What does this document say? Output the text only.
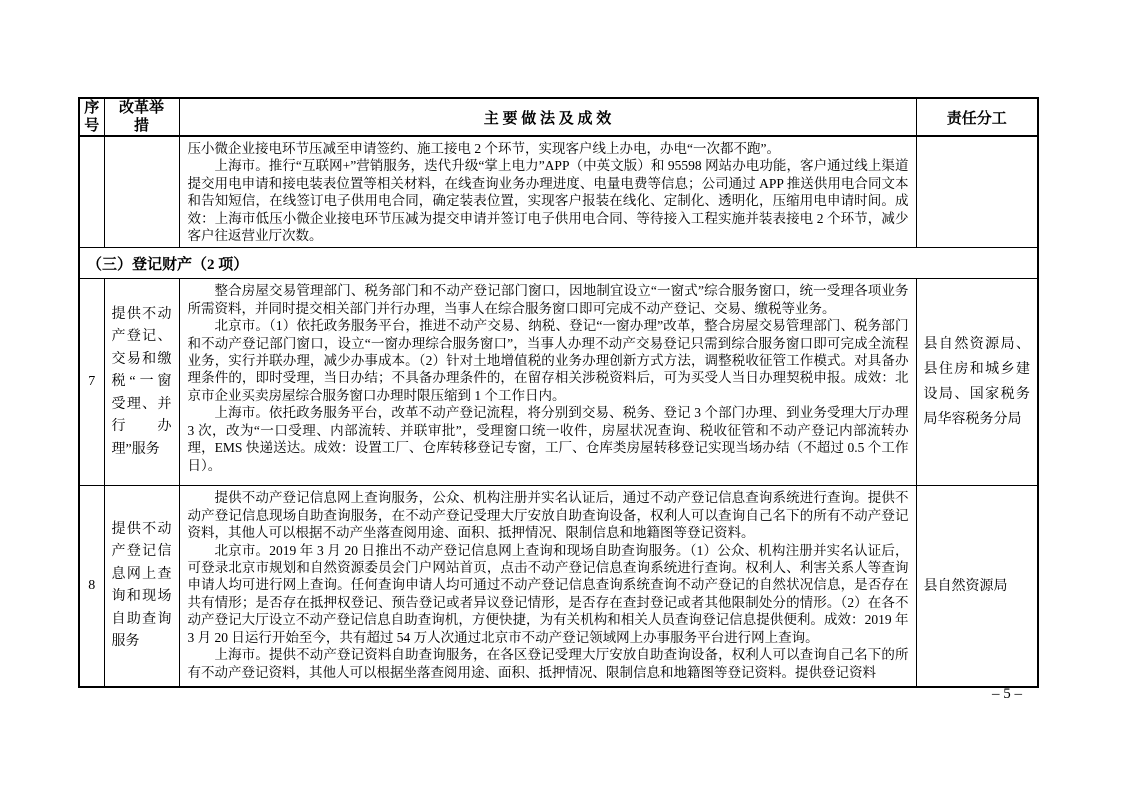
序号	改革举措	主 要 做 法 及 成 效	责任分工

		压小微企业接电环节压减至申请签约、施工接电 2 个环节，实现客户线上办电，办电“一次都不跑”。

上海市。推行“互联网+”营销服务，迭代升级“掌上电力”APP（中英文版）和 95598 网站办电功能，客户通过线上渠道提交用电申请和接电装表位置等相关材料，在线查询业务办理进度、电量电费等信息；公司通过 APP 推送供用电合同文本和告知短信，在线签订电子供用电合同，确定装表位置，实现客户报装在线化、定制化、透明化，压缩用电申请时间。成效：上海市低压小微企业接电环节压减为提交申请并签订电子供用电合同、等待接入工程实施并装表接电 2 个环节，减少客户往返营业厅次数。	

（三）登记财产（2 项）			
7	提供不动产登记、交易和缴税“一窗受理、并行办理”服务	整合房屋交易管理部门、税务部门和不动产登记部门窗口，因地制宜设立“一窗式”综合服务窗口，统一受理各项业务所需资料，并同时提交相关部门并行办理，当事人在综合服务窗口即可完成不动产登记、交易、缴税等业务。

北京市。（1）依托政务服务平台，推进不动产交易、纳税、登记“一窗办理”改革，整合房屋交易管理部门、税务部门和不动产登记部门窗口，设立“一窗办理综合服务窗口”，当事人办理不动产交易登记只需到综合服务窗口即可完成全流程业务，实行并联办理，减少办事成本。（2）针对土地增值税的业务办理创新方式方法，调整税收征管工作模式。对具备办理条件的，即时受理，当日办结；不具备办理条件的，在留存相关涉税资料后，可为买受人当日办理契税申报。成效：北京市企业买卖房屋综合服务窗口办理时限压缩到 1 个工作日内。

上海市。依托政务服务平台，改革不动产登记流程，将分别到交易、税务、登记 3 个部门办理、到业务受理大厅办理 3 次，改为“一口受理、内部流转、并联审批”，受理窗口统一收件，房屋状况查询、税收征管和不动产登记内部流转办理，EMS 快递送达。成效：设置工厂、仓库转移登记专窗，工厂、仓库类房屋转移登记实现当场办结（不超过 0.5 个工作日）。	县自然资源局、县住房和城乡建设局、国家税务局华容税务分局

8	提供不动产登记信息网上查询和现场自助查询服务	提供不动产登记信息网上查询服务，公众、机构注册并实名认证后，通过不动产登记信息查询系统进行查询。提供不动产登记信息现场自助查询服务，在不动产登记受理大厅安放自助查询设备，权利人可以查询自己名下的所有不动产登记资料，其他人可以根据不动产坐落查阅用途、面积、抵押情况、限制信息和地籍图等登记资料。

北京市。2019 年 3 月 20 日推出不动产登记信息网上查询和现场自助查询服务。（1）公众、机构注册并实名认证后，可登录北京市规划和自然资源委员会门户网站首页，点击不动产登记信息查询系统进行查询。权利人、利害关系人等查询申请人均可进行网上查询。任何查询申请人均可通过不动产登记信息查询系统查询不动产登记的自然状况信息，是否存在共有情形；是否存在抵押权登记、预告登记或者异议登记情形，是否存在查封登记或者其他限制处分的情形。（2）在各不动产登记大厅设立不动产登记信息自助查询机，方便快捷，为有关机构和相关人员查询登记信息提供便利。成效：2019 年 3 月 20 日运行开始至今，共有超过 54 万人次通过北京市不动产登记领域网上办事服务平台进行网上查询。

上海市。提供不动产登记资料自助查询服务，在各区登记受理大厅安放自助查询设备，权利人可以查询自己名下的所有不动产登记资料，其他人可以根据坐落查阅用途、面积、抵押情况、限制信息和地籍图等登记资料。提供登记资料	县自然资源局
– 5 –
